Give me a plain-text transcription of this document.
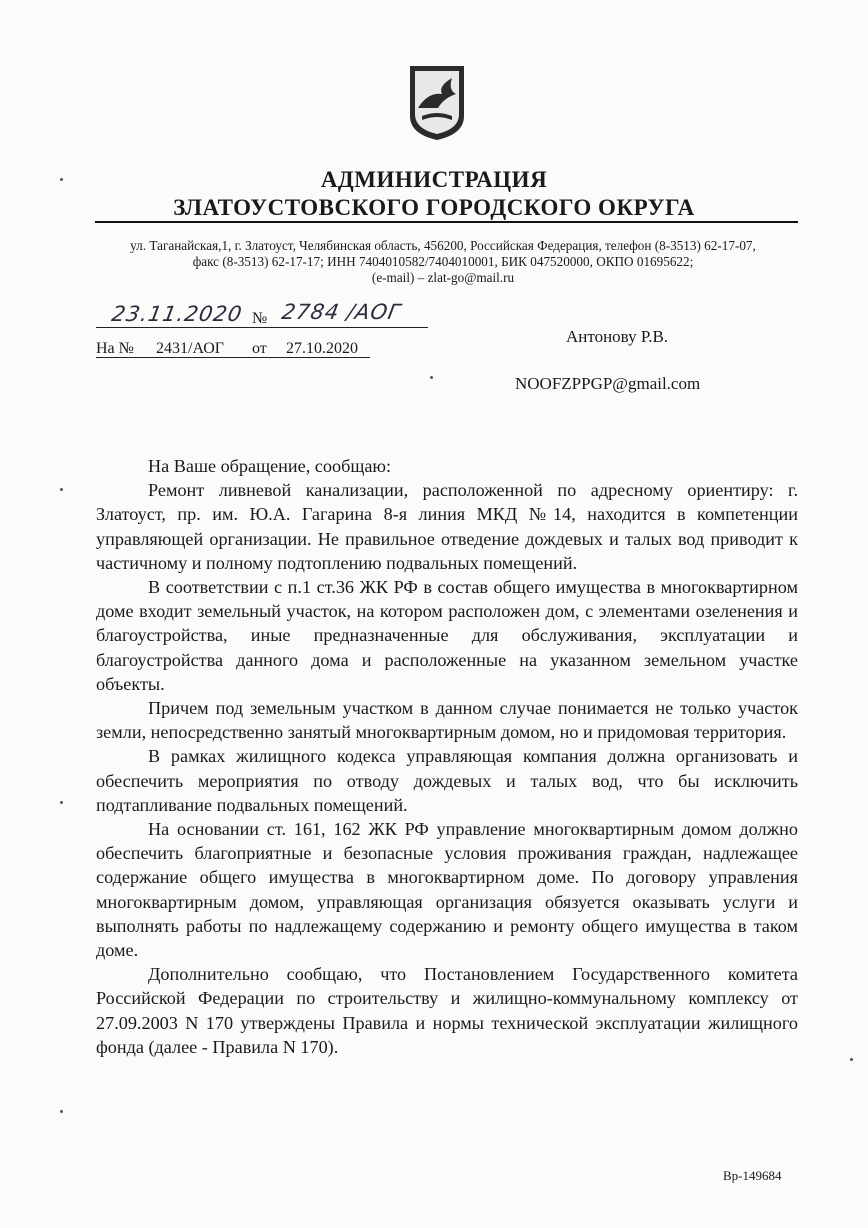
АДМИНИСТРАЦИЯ
ЗЛАТОУСТОВСКОГО ГОРОДСКОГО ОКРУГА
ул. Таганайская,1, г. Златоуст, Челябинская область, 456200, Российская Федерация, телефон (8-3513) 62-17-07,
факс (8-3513) 62-17-17; ИНН 7404010582/7404010001, БИК 047520000, ОКПО 01695622;
(e-mail) – zlat-go@mail.ru
23.11.2020 № 2784 /АОГ
На № 2431/АОГ от 27.10.2020
Антонову Р.В.
NOOFZPPGP@gmail.com

На Ваше обращение, сообщаю:

Ремонт ливневой канализации, расположенной по адресному ориентиру: г. Златоуст, пр. им. Ю.А. Гагарина 8-я линия МКД №14, находится в компетенции управляющей организации. Не правильное отведение дождевых и талых вод приводит к частичному и полному подтоплению подвальных помещений.

В соответствии с п.1 ст.36 ЖК РФ в состав общего имущества в многоквартирном доме входит земельный участок, на котором расположен дом, с элементами озеленения и благоустройства, иные предназначенные для обслуживания, эксплуатации и благоустройства данного дома и расположенные на указанном земельном участке объекты.

Причем под земельным участком в данном случае понимается не только участок земли, непосредственно занятый многоквартирным домом, но и придомовая территория.

В рамках жилищного кодекса управляющая компания должна организовать и обеспечить мероприятия по отводу дождевых и талых вод, что бы исключить подтапливание подвальных помещений.

На основании ст. 161, 162 ЖК РФ управление многоквартирным домом должно обеспечить благоприятные и безопасные условия проживания граждан, надлежащее содержание общего имущества в многоквартирном доме. По договору управления многоквартирным домом, управляющая организация обязуется оказывать услуги и выполнять работы по надлежащему содержанию и ремонту общего имущества в таком доме.

Дополнительно сообщаю, что Постановлением Государственного комитета Российской Федерации по строительству и жилищно-коммунальному комплексу от 27.09.2003 N 170 утверждены Правила и нормы технической эксплуатации жилищного фонда (далее - Правила N 170).

Вр-149684
